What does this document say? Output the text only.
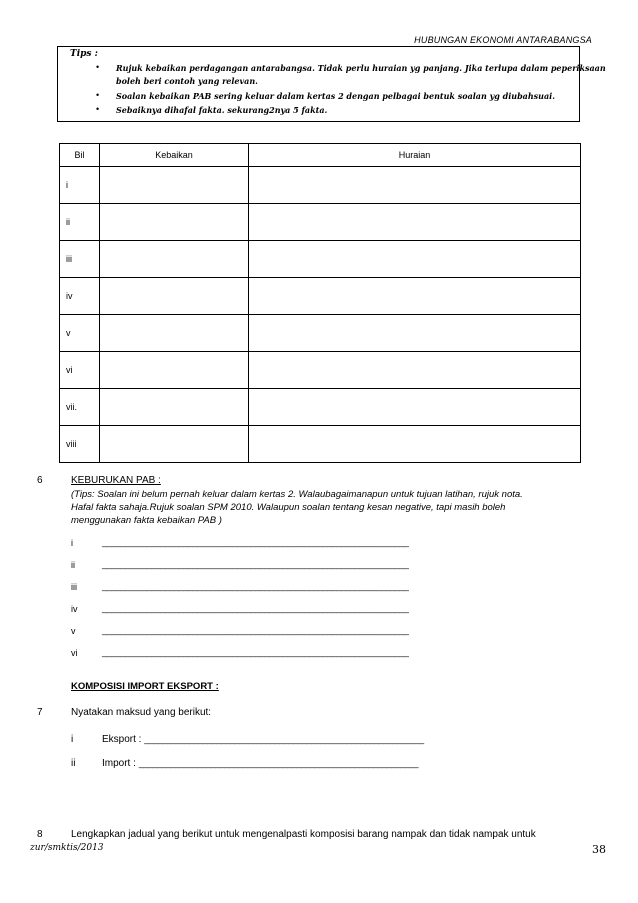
HUBUNGAN EKONOMI ANTARABANGSA
Tips :
• Rujuk kebaikan perdagangan antarabangsa. Tidak perlu huraian yg panjang. Jika terlupa dalam peperiksaan
boleh beri contoh yang relevan.
• Soalan kebaikan PAB sering keluar dalam kertas 2 dengan pelbagai bentuk soalan yg diubahsuai.
• Sebaiknya dihafal fakta. sekurang2nya 5 fakta.
Bil	Kebaikan	Huraian
i		
ii		
iii		
iv		
v		
vi		
vii.		
viii		
6	KEBURUKAN PAB :
(Tips: Soalan ini belum pernah keluar dalam kertas 2. Walaubagaimanapun untuk tujuan latihan, rujuk nota.
Hafal fakta sahaja.Rujuk soalan SPM 2010. Walaupun soalan tentang kesan negative, tapi masih boleh
menggunakan fakta kebaikan PAB )
i	____________________________________________________________________
ii	____________________________________________________________________
iii	____________________________________________________________________
iv	____________________________________________________________________
v	____________________________________________________________________
vi	____________________________________________________________________
KOMPOSISI IMPORT EKSPORT :
7	Nyatakan maksud yang berikut:
i	Eksport : ______________________________________________________________
ii	Import : ______________________________________________________________
8	Lengkapkan jadual yang berikut untuk mengenalpasti komposisi barang nampak dan tidak nampak untuk
zur/smktis/2013	38
